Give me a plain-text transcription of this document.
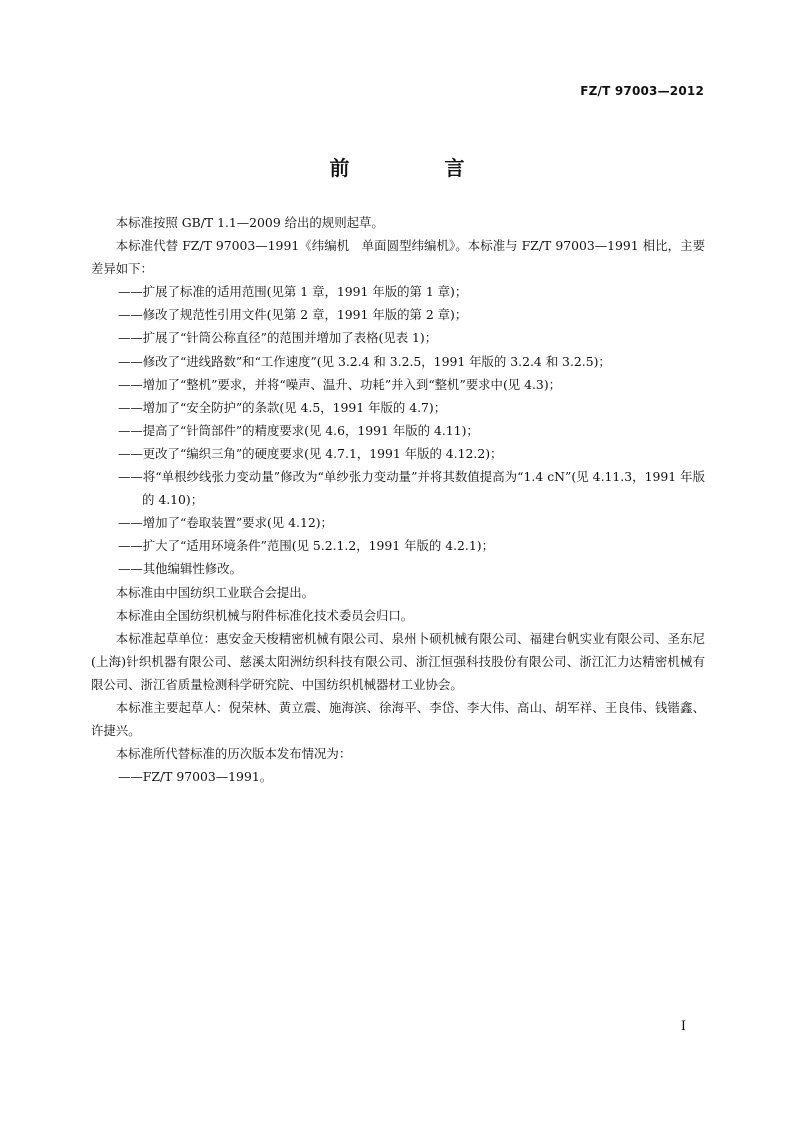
FZ/T 97003—2012
前 言

本标准按照 GB/T 1.1—2009 给出的规则起草。

本标准代替 FZ/T 97003—1991《纬编机　单面圆型纬编机》。本标准与 FZ/T 97003—1991 相比，主要差异如下：

——扩展了标准的适用范围(见第 1 章，1991 年版的第 1 章)；

——修改了规范性引用文件(见第 2 章，1991 年版的第 2 章)；

——扩展了“针筒公称直径”的范围并增加了表格(见表 1)；

——修改了“进线路数”和“工作速度”(见 3.2.4 和 3.2.5，1991 年版的 3.2.4 和 3.2.5)；

——增加了“整机”要求，并将“噪声、温升、功耗”并入到“整机”要求中(见 4.3)；

——增加了“安全防护”的条款(见 4.5，1991 年版的 4.7)；

——提高了“针筒部件”的精度要求(见 4.6，1991 年版的 4.11)；

——更改了“编织三角”的硬度要求(见 4.7.1，1991 年版的 4.12.2)；

——将“单根纱线张力变动量”修改为“单纱张力变动量”并将其数值提高为“1.4 cN”(见 4.11.3，1991 年版的 4.10)；

——增加了“卷取装置”要求(见 4.12)；

——扩大了“适用环境条件”范围(见 5.2.1.2，1991 年版的 4.2.1)；

——其他编辑性修改。

本标准由中国纺织工业联合会提出。

本标准由全国纺织机械与附件标准化技术委员会归口。

本标准起草单位：惠安金天梭精密机械有限公司、泉州卜硕机械有限公司、福建台帆实业有限公司、圣东尼(上海)针织机器有限公司、慈溪太阳洲纺织科技有限公司、浙江恒强科技股份有限公司、浙江汇力达精密机械有限公司、浙江省质量检测科学研究院、中国纺织机械器材工业协会。

本标准主要起草人：倪荣林、黄立震、施海滨、徐海平、李岱、李大伟、高山、胡军祥、王良伟、钱锴鑫、许捷兴。

本标准所代替标准的历次版本发布情况为：

——FZ/T 97003—1991。

I
